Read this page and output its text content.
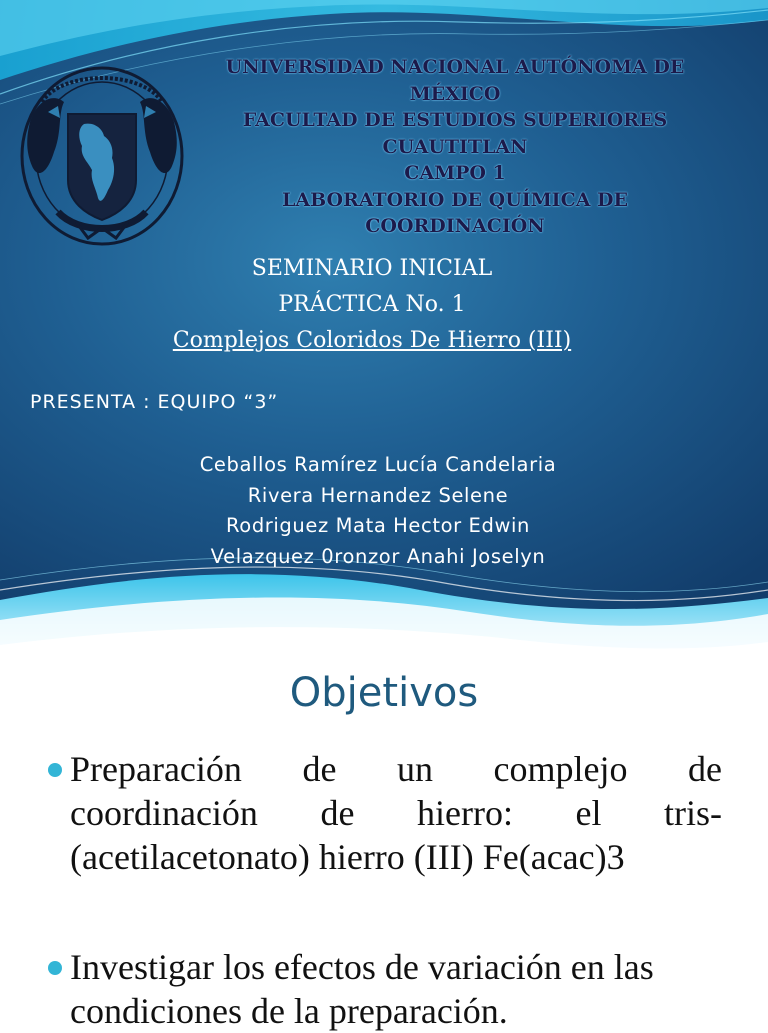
UNIVERSIDAD NACIONAL AUTÓNOMA DE
MÉXICO
FACULTAD DE ESTUDIOS SUPERIORES
CUAUTITLAN
CAMPO 1
LABORATORIO DE QUÍMICA DE
COORDINACIÓN
SEMINARIO INICIAL
PRÁCTICA No. 1
Complejos Coloridos De Hierro (III)
PRESENTA : EQUIPO “3”
Ceballos Ramírez Lucía Candelaria
Rivera Hernandez Selene
Rodriguez Mata Hector Edwin
Velazquez 0ronzor Anahi Joselyn
Objetivos
Preparación de un complejo de
coordinación de hierro: el tris-
(acetilacetonato) hierro (III) Fe(acac)3
Investigar los efectos de variación en las
condiciones de la preparación.
